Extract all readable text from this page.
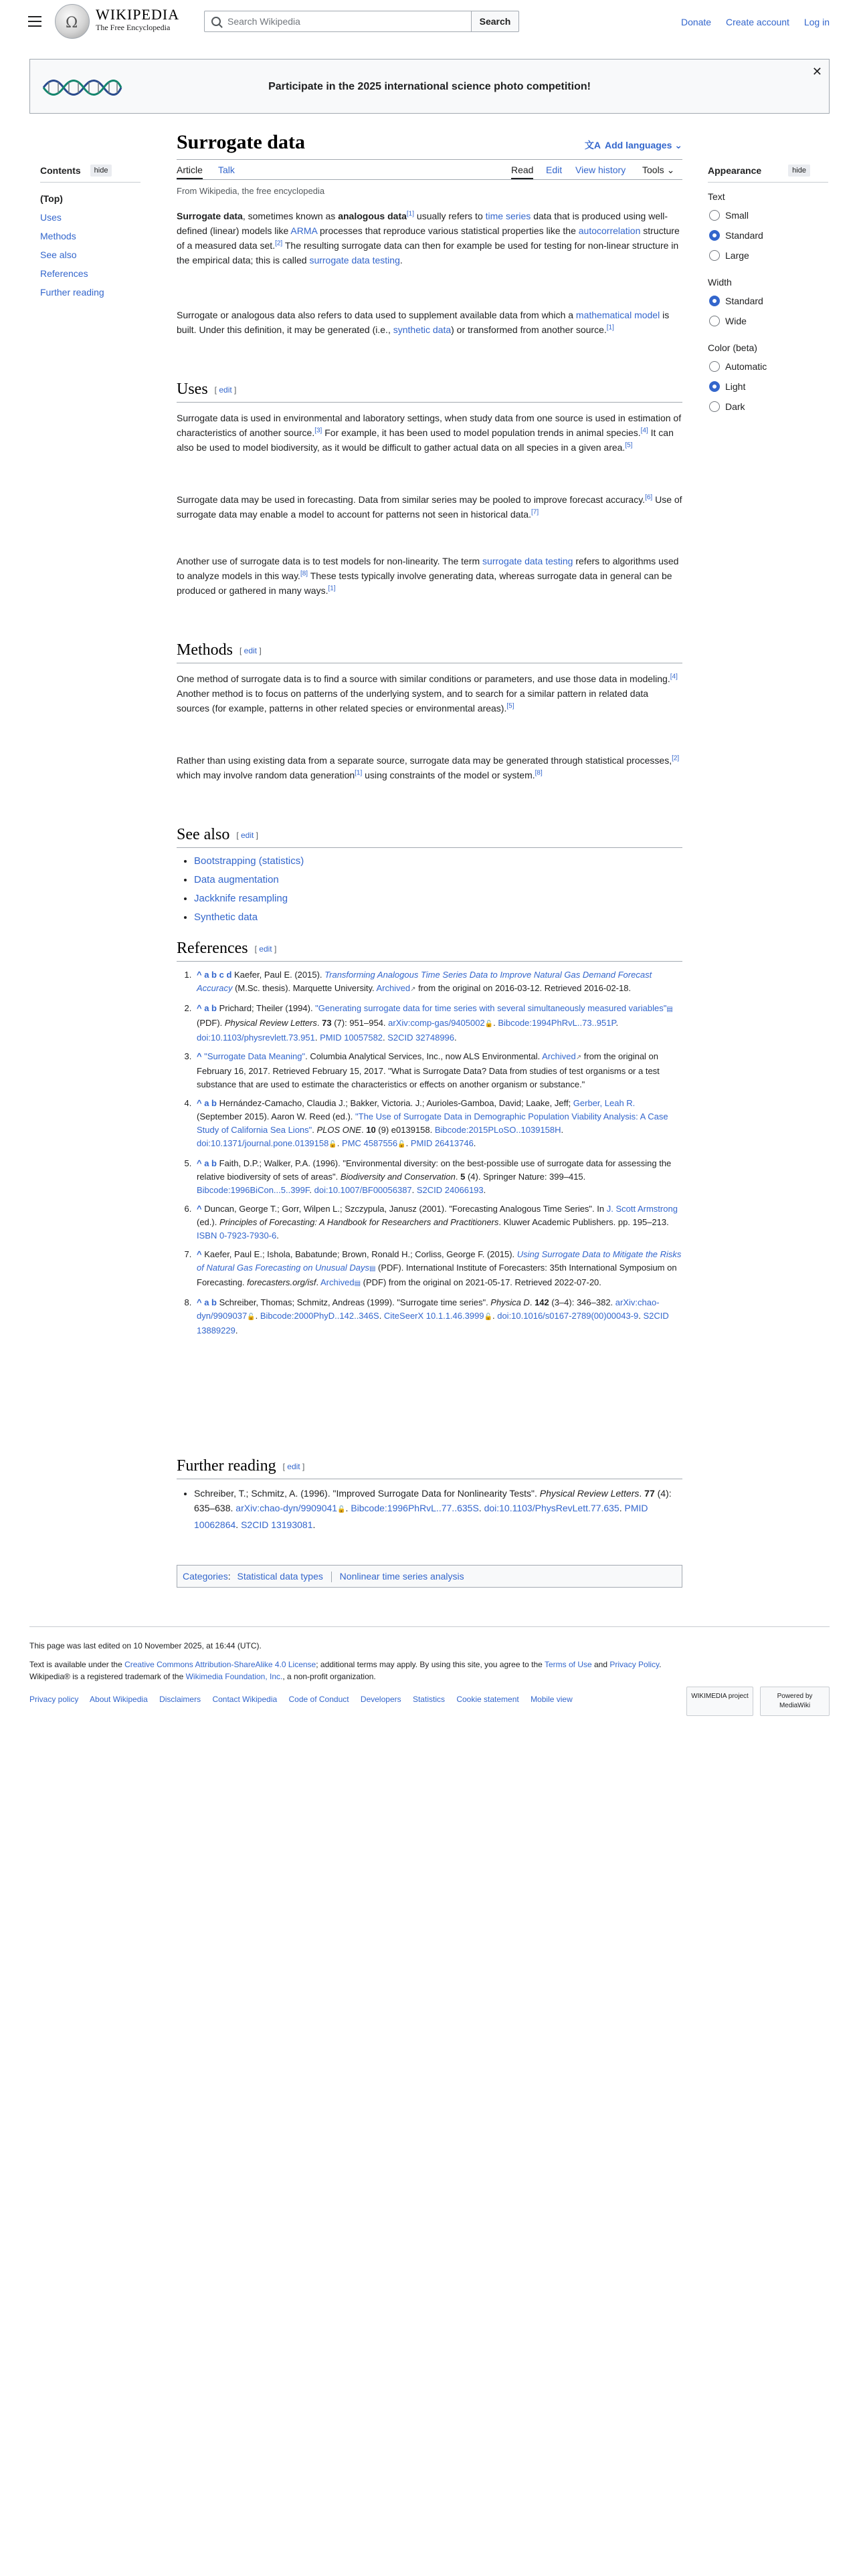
Ω
WIKIPEDIA
The Free Encyclopedia
Search Wikipedia
Search	Donate Create account Log in
Participate in the 2025 international science photo competition!
✕
Contents	hide
(Top)
Uses
Methods
See also
References
Further reading
Appearance	hide
Text
Small
Standard
Large
Width
Standard
Wide
Color (beta)
Automatic
Light
Dark
Surrogate data	文A Add languages ⌄
Article Talk	Read Edit View history Tools ⌄
From Wikipedia, the free encyclopedia

Surrogate data, sometimes known as analogous data[1] usually refers to time series data that is produced using well-defined (linear) models like ARMA processes that reproduce various statistical properties like the autocorrelation structure of a measured data set.[2] The resulting surrogate data can then for example be used for testing for non-linear structure in the empirical data; this is called surrogate data testing.

Surrogate or analogous data also refers to data used to supplement available data from which a mathematical model is built. Under this definition, it may be generated (i.e., synthetic data) or transformed from another source.[1]

Uses [ edit ]

Surrogate data is used in environmental and laboratory settings, when study data from one source is used in estimation of characteristics of another source.[3] For example, it has been used to model population trends in animal species.[4] It can also be used to model biodiversity, as it would be difficult to gather actual data on all species in a given area.[5]

Surrogate data may be used in forecasting. Data from similar series may be pooled to improve forecast accuracy.[6] Use of surrogate data may enable a model to account for patterns not seen in historical data.[7]

Another use of surrogate data is to test models for non-linearity. The term surrogate data testing refers to algorithms used to analyze models in this way.[8] These tests typically involve generating data, whereas surrogate data in general can be produced or gathered in many ways.[1]

Methods [ edit ]

One method of surrogate data is to find a source with similar conditions or parameters, and use those data in modeling.[4] Another method is to focus on patterns of the underlying system, and to search for a similar pattern in related data sources (for example, patterns in other related species or environmental areas).[5]

Rather than using existing data from a separate source, surrogate data may be generated through statistical processes,[2] which may involve random data generation[1] using constraints of the model or system.[8]

See also [ edit ]
• Bootstrapping (statistics)
• Data augmentation
• Jackknife resampling
• Synthetic data
References [ edit ]
1. ^ a b c d Kaefer, Paul E. (2015). Transforming Analogous Time Series Data to Improve Natural Gas Demand Forecast Accuracy (M.Sc. thesis). Marquette University. Archived↗ from the original on 2016-03-12. Retrieved 2016-02-18.
2. ^ a b Prichard; Theiler (1994). "Generating surrogate data for time series with several simultaneously measured variables"▤ (PDF). Physical Review Letters. 73 (7): 951–954. arXiv:comp-gas/9405002🔓. Bibcode:1994PhRvL..73..951P. doi:10.1103/physrevlett.73.951. PMID 10057582. S2CID 32748996.
3. ^ "Surrogate Data Meaning". Columbia Analytical Services, Inc., now ALS Environmental. Archived↗ from the original on February 16, 2017. Retrieved February 15, 2017. "What is Surrogate Data? Data from studies of test organisms or a test substance that are used to estimate the characteristics or effects on another organism or substance."
4. ^ a b Hernández-Camacho, Claudia J.; Bakker, Victoria. J.; Aurioles-Gamboa, David; Laake, Jeff; Gerber, Leah R. (September 2015). Aaron W. Reed (ed.). "The Use of Surrogate Data in Demographic Population Viability Analysis: A Case Study of California Sea Lions". PLOS ONE. 10 (9) e0139158. Bibcode:2015PLoSO..1039158H. doi:10.1371/journal.pone.0139158🔓. PMC 4587556🔓. PMID 26413746.
5. ^ a b Faith, D.P.; Walker, P.A. (1996). "Environmental diversity: on the best-possible use of surrogate data for assessing the relative biodiversity of sets of areas". Biodiversity and Conservation. 5 (4). Springer Nature: 399–415. Bibcode:1996BiCon...5..399F. doi:10.1007/BF00056387. S2CID 24066193.
6. ^ Duncan, George T.; Gorr, Wilpen L.; Szczypula, Janusz (2001). "Forecasting Analogous Time Series". In J. Scott Armstrong (ed.). Principles of Forecasting: A Handbook for Researchers and Practitioners. Kluwer Academic Publishers. pp. 195–213. ISBN 0-7923-7930-6.
7. ^ Kaefer, Paul E.; Ishola, Babatunde; Brown, Ronald H.; Corliss, George F. (2015). Using Surrogate Data to Mitigate the Risks of Natural Gas Forecasting on Unusual Days▤ (PDF). International Institute of Forecasters: 35th International Symposium on Forecasting. forecasters.org/isf. Archived▤ (PDF) from the original on 2021-05-17. Retrieved 2022-07-20.
8. ^ a b Schreiber, Thomas; Schmitz, Andreas (1999). "Surrogate time series". Physica D. 142 (3–4): 346–382. arXiv:chao-dyn/9909037🔓. Bibcode:2000PhyD..142..346S. CiteSeerX 10.1.1.46.3999🔓. doi:10.1016/s0167-2789(00)00043-9. S2CID 13889229.
Further reading [ edit ]
• Schreiber, T.; Schmitz, A. (1996). "Improved Surrogate Data for Nonlinearity Tests". Physical Review Letters. 77 (4): 635–638. arXiv:chao-dyn/9909041🔓. Bibcode:1996PhRvL..77..635S. doi:10.1103/PhysRevLett.77.635. PMID 10062864. S2CID 13193081.
Categories: Statistical data types Nonlinear time series analysis
This page was last edited on 10 November 2025, at 16:44 (UTC).
Text is available under the Creative Commons Attribution-ShareAlike 4.0 License; additional terms may apply. By using this site, you agree to the Terms of Use and Privacy Policy. Wikipedia® is a registered trademark of the Wikimedia Foundation, Inc., a non-profit organization.
Privacy policy About Wikipedia Disclaimers Contact Wikipedia Code of Conduct Developers Statistics Cookie statement Mobile view	WIKIMEDIA project	Powered by MediaWiki
